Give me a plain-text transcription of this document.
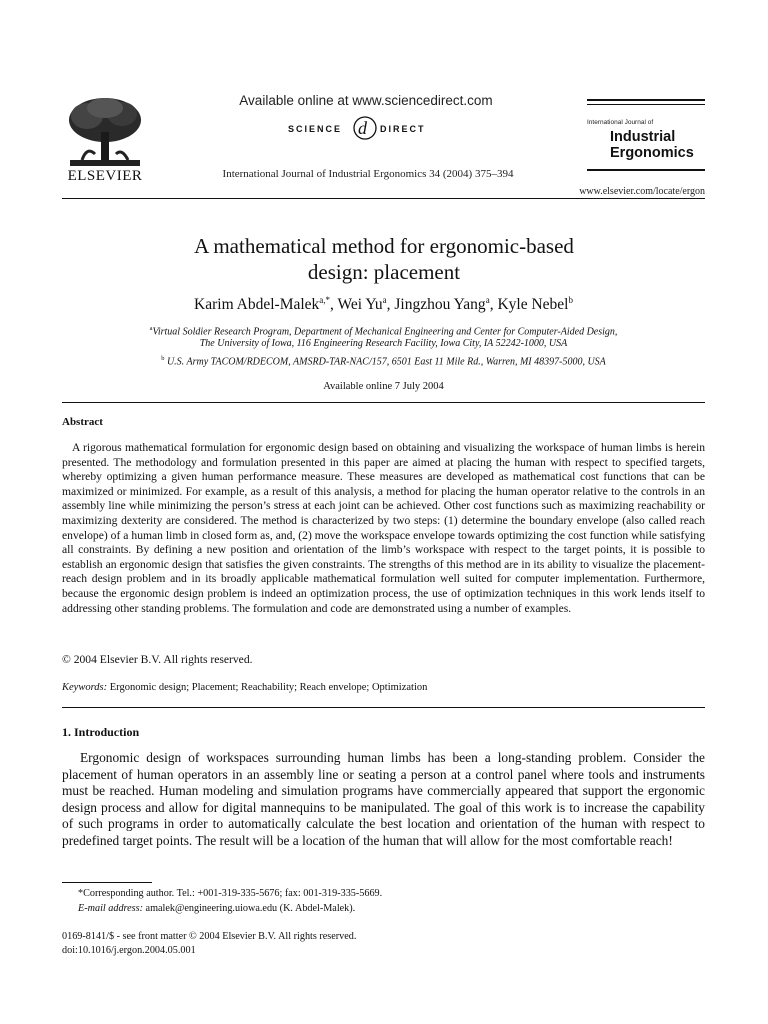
ELSEVIER
Available online at www.sciencedirect.com
SCIENCE d DIRECT
International Journal of Industrial Ergonomics 34 (2004) 375–394
International Journal of
Industrial
Ergonomics
www.elsevier.com/locate/ergon
A mathematical method for ergonomic-based
design: placement
Karim Abdel-Malek$^{a,*}$, Wei Yu$^a$, Jingzhou Yang$^a$, Kyle Nebel$^b$
$^a$Virtual Soldier Research Program, Department of Mechanical Engineering and Center for Computer-Aided Design,
The University of Iowa, 116 Engineering Research Facility, Iowa City, IA 52242-1000, USA
$^b$ U.S. Army TACOM/RDECOM, AMSRD-TAR-NAC/157, 6501 East 11 Mile Rd., Warren, MI 48397-5000, USA
Available online 7 July 2004
Abstract

A rigorous mathematical formulation for ergonomic design based on obtaining and visualizing the workspace of human limbs is herein presented. The methodology and formulation presented in this paper are aimed at placing the human with respect to specified targets, whereby optimizing a given human performance measure. These measures are developed as mathematical cost functions that can be maximized or minimized. For example, as a result of this analysis, a method for placing the human operator relative to the controls in an assembly line while minimizing the person’s stress at each joint can be achieved. Other cost functions such as maximizing reachability or maximizing dexterity are considered. The method is characterized by two steps: (1) determine the boundary envelope (also called reach envelope) of a human limb in closed form as, and, (2) move the workspace envelope towards optimizing the cost function while satisfying all constraints. By defining a new position and orientation of the limb’s workspace with respect to the target points, it is possible to establish an ergonomic design that satisfies the given constraints. The strengths of this method are in its ability to visualize the placement-reach design problem and in its broadly applicable mathematical formulation well suited for computer implementation. Furthermore, because the ergonomic design problem is indeed an optimization process, the use of optimization techniques in this work lends itself to addressing other standing problems. The formulation and code are demonstrated using a number of examples.

© 2004 Elsevier B.V. All rights reserved.
Keywords: Ergonomic design; Placement; Reachability; Reach envelope; Optimization
1. Introduction

Ergonomic design of workspaces surrounding human limbs has been a long-standing problem. Consider the placement of human operators in an assembly line or seating a person at a control panel where tools and instruments must be reached. Human modeling and simulation programs have commercially appeared that support the ergonomic design process and allow for digital mannequins to be manipulated. The goal of this work is to increase the capability of such programs in order to automatically calculate the best location and orientation of the human with respect to predefined target points. The result will be a location of the human that will allow for the most comfortable reach!

*Corresponding author. Tel.: +001-319-335-5676; fax: 001-319-335-5669.
E-mail address: amalek@engineering.uiowa.edu (K. Abdel-Malek).
0169-8141/$ - see front matter © 2004 Elsevier B.V. All rights reserved.
doi:10.1016/j.ergon.2004.05.001
